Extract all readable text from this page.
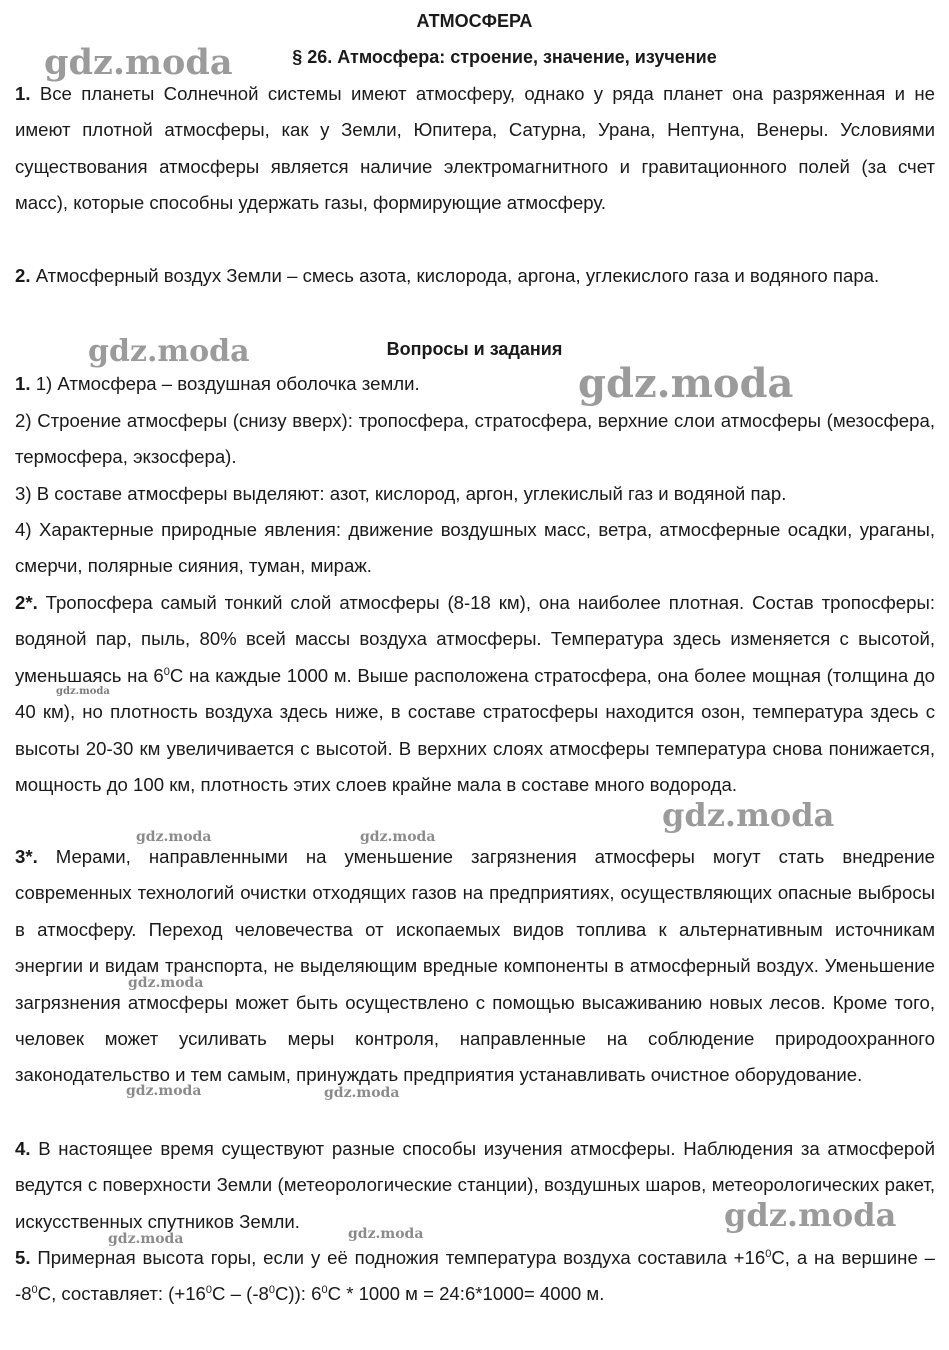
АТМОСФЕРА
§ 26. Атмосфера: строение, значение, изучение
1. Все планеты Солнечной системы имеют атмосферу, однако у ряда планет она разряженная и не имеют плотной атмосферы, как у Земли, Юпитера, Сатурна, Урана, Нептуна, Венеры. Условиями существования атмосферы является наличие электромагнитного и гравитационного полей (за счет масс), которые способны удержать газы, формирующие атмосферу.
2. Атмосферный воздух Земли – смесь азота, кислорода, аргона, углекислого газа и водяного пара.
Вопросы и задания
1. 1) Атмосфера – воздушная оболочка земли.
2) Строение атмосферы (снизу вверх): тропосфера, стратосфера, верхние слои атмосферы (мезосфера, термосфера, экзосфера).
3) В составе атмосферы выделяют: азот, кислород, аргон, углекислый газ и водяной пар.
4) Характерные природные явления: движение воздушных масс, ветра, атмосферные осадки, ураганы, смерчи, полярные сияния, туман, мираж.
2*. Тропосфера самый тонкий слой атмосферы (8-18 км), она наиболее плотная. Состав тропосферы: водяной пар, пыль, 80% всей массы воздуха атмосферы. Температура здесь изменяется с высотой, уменьшаясь на $6^0С$ на каждые 1000 м. Выше расположена стратосфера, она более мощная (толщина до 40 км), но плотность воздуха здесь ниже, в составе стратосферы находится озон, температура здесь с высоты 20-30 км увеличивается с высотой. В верхних слоях атмосферы температура снова понижается, мощность до 100 км, плотность этих слоев крайне мала в составе много водорода.
3*. Мерами, направленными на уменьшение загрязнения атмосферы могут стать внедрение современных технологий очистки отходящих газов на предприятиях, осуществляющих опасные выбросы в атмосферу. Переход человечества от ископаемых видов топлива к альтернативным источникам энергии и видам транспорта, не выделяющим вредные компоненты в атмосферный воздух. Уменьшение загрязнения атмосферы может быть осуществлено с помощью высаживанию новых лесов. Кроме того, человек может усиливать меры контроля, направленные на соблюдение природоохранного законодательство и тем самым, принуждать предприятия устанавливать очистное оборудование.
4. В настоящее время существуют разные способы изучения атмосферы. Наблюдения за атмосферой ведутся с поверхности Земли (метеорологические станции), воздушных шаров, метеорологических ракет, искусственных спутников Земли.
5. Примерная высота горы, если у её подножия температура воздуха составила $+16^0С$, а на вершине – $-8^0С$, составляет: $(+16^0С - (-8^0С))$: $6^0С * 1000$ м = 24:6*1000= 4000 м.
gdz.moda
gdz.moda
gdz.moda
gdz.moda
gdz.moda
gdz.moda	gdz.moda
gdz.moda
gdz.moda	gdz.moda
gdz.moda
gdz.moda	gdz.moda
